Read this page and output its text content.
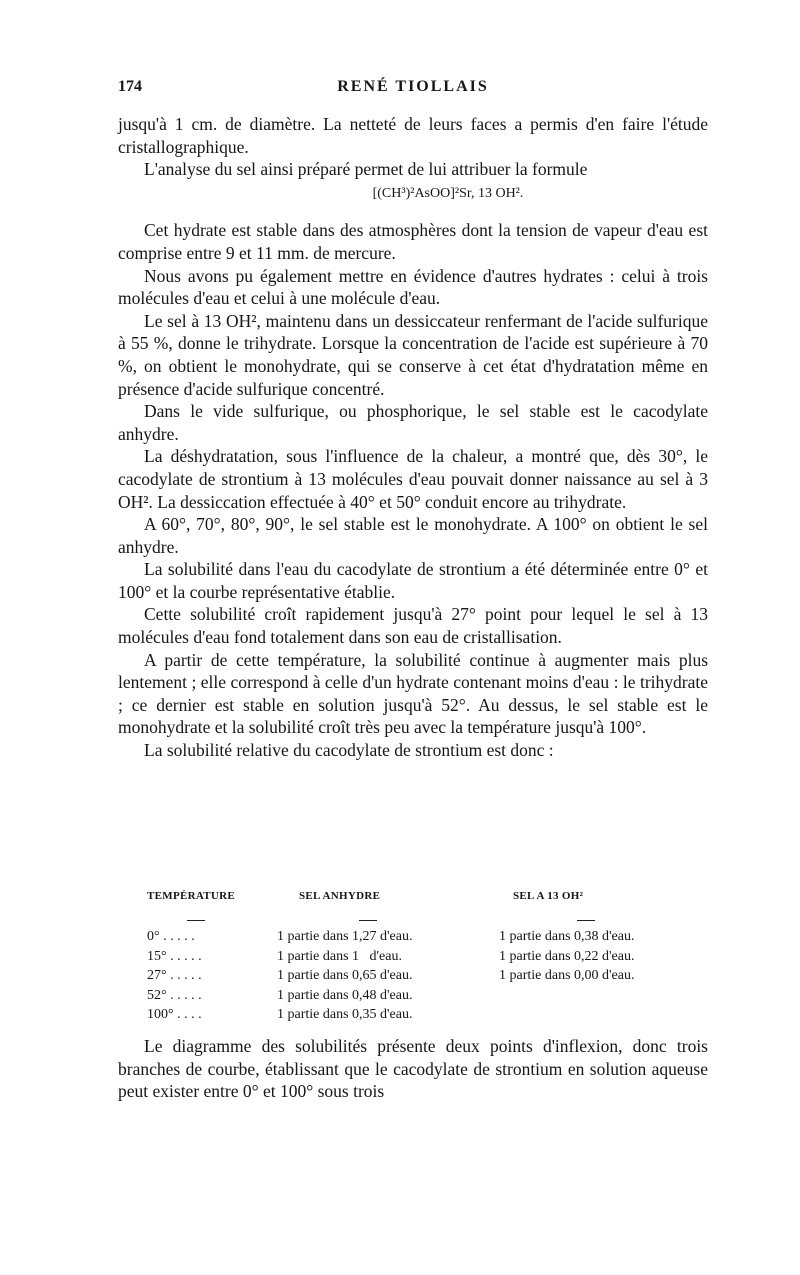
174	RENÉ TIOLLAIS

jusqu'à 1 cm. de diamètre. La netteté de leurs faces a permis d'en faire l'étude cristallographique.

L'analyse du sel ainsi préparé permet de lui attribuer la formule

[(CH³)²AsOO]²Sr, 13 OH².

Cet hydrate est stable dans des atmosphères dont la tension de vapeur d'eau est comprise entre 9 et 11 mm. de mercure.

Nous avons pu également mettre en évidence d'autres hydrates : celui à trois molécules d'eau et celui à une molécule d'eau.

Le sel à 13 OH², maintenu dans un dessiccateur renfermant de l'acide sulfurique à 55 %, donne le trihydrate. Lorsque la concentration de l'acide est supérieure à 70 %, on obtient le monohydrate, qui se conserve à cet état d'hydratation même en présence d'acide sulfurique concentré.

Dans le vide sulfurique, ou phosphorique, le sel stable est le cacodylate anhydre.

La déshydratation, sous l'influence de la chaleur, a montré que, dès 30°, le cacodylate de strontium à 13 molécules d'eau pouvait donner naissance au sel à 3 OH². La dessiccation effectuée à 40° et 50° conduit encore au trihydrate.

A 60°, 70°, 80°, 90°, le sel stable est le monohydrate. A 100° on obtient le sel anhydre.

La solubilité dans l'eau du cacodylate de strontium a été déterminée entre 0° et 100° et la courbe représentative établie.

Cette solubilité croît rapidement jusqu'à 27° point pour lequel le sel à 13 molécules d'eau fond totalement dans son eau de cristallisation.

A partir de cette température, la solubilité continue à augmenter mais plus lentement ; elle correspond à celle d'un hydrate contenant moins d'eau : le trihydrate ; ce dernier est stable en solution jusqu'à 52°. Au dessus, le sel stable est le monohydrate et la solubilité croît très peu avec la température jusqu'à 100°.

La solubilité relative du cacodylate de strontium est donc :

TEMPÉRATURE	SEL ANHYDRE	SEL A 13 OH²

0° . . . . .	1 partie dans 1,27 d'eau.	1 partie dans 0,38 d'eau.
15° . . . . .	1 partie dans 1   d'eau.	1 partie dans 0,22 d'eau.
27° . . . . .	1 partie dans 0,65 d'eau.	1 partie dans 0,00 d'eau.
52° . . . . .	1 partie dans 0,48 d'eau.	
100° . . . .	1 partie dans 0,35 d'eau.	

Le diagramme des solubilités présente deux points d'inflexion, donc trois branches de courbe, établissant que le cacodylate de strontium en solution aqueuse peut exister entre 0° et 100° sous trois
